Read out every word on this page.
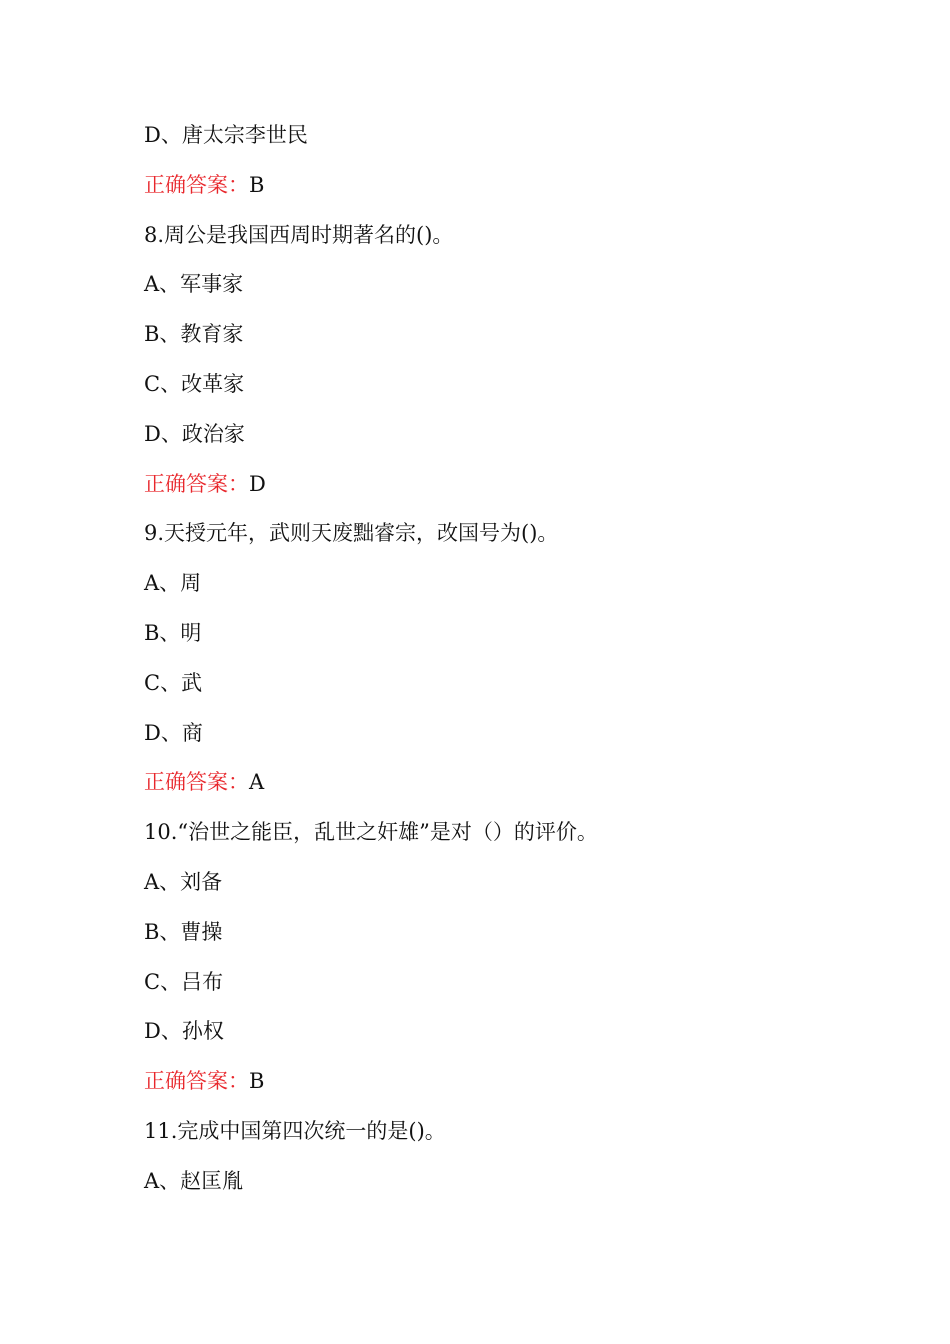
D、唐太宗李世民
正确答案：B
8.周公是我国西周时期著名的()。
A、军事家
B、教育家
C、改革家
D、政治家
正确答案：D
9.天授元年，武则天废黜睿宗，改国号为()。
A、周
B、明
C、武
D、商
正确答案：A
10.“治世之能臣，乱世之奸雄”是对（）的评价。
A、刘备
B、曹操
C、吕布
D、孙权
正确答案：B
11.完成中国第四次统一的是()。
A、赵匡胤
